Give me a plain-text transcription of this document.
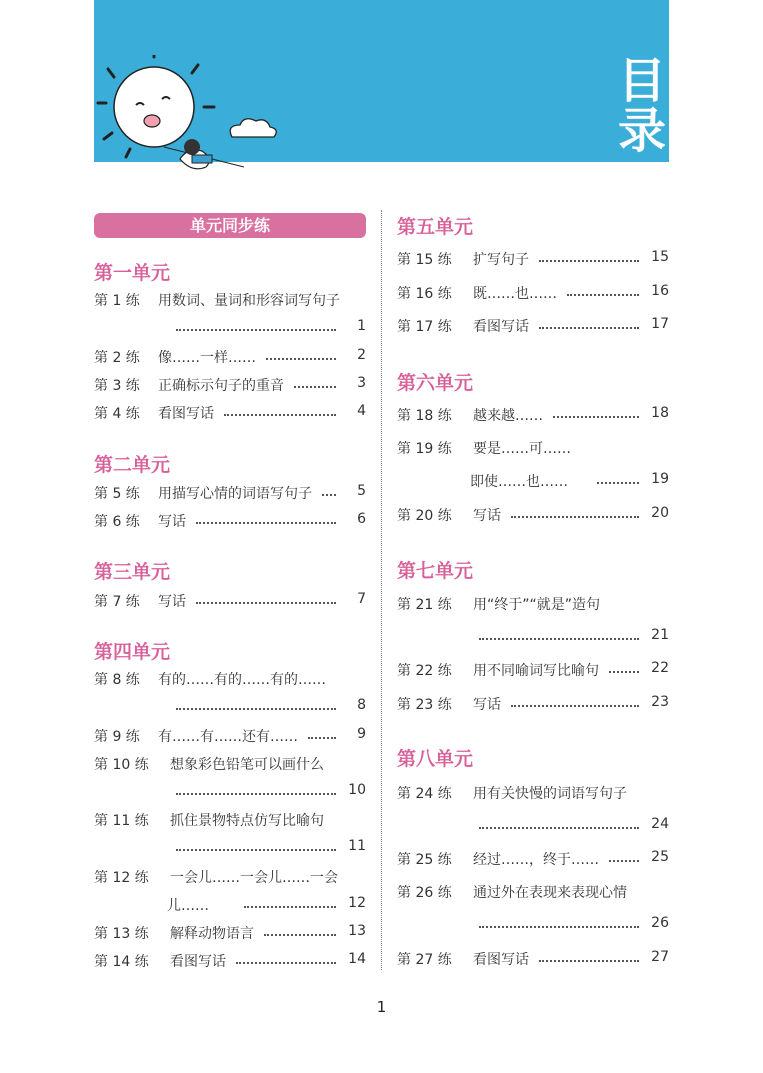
目
录
单元同步练
第一单元
第二单元
第三单元
第四单元
第五单元
第六单元
第七单元
第八单元
第 1 练 用数词、量词和形容词写句子
1
第 2 练 像……一样……	2
第 3 练 正确标示句子的重音	3
第 4 练 看图写话	4
第 5 练 用描写心情的词语写句子	5
第 6 练 写话	6
第 7 练 写话	7
第 8 练 有的……有的……有的……
8
第 9 练 有……有……还有……	9
第 10 练 想象彩色铅笔可以画什么
10
第 11 练 抓住景物特点仿写比喻句
11
第 12 练 一会儿……一会儿……一会
儿……	12
第 13 练 解释动物语言	13
第 14 练 看图写话	14
第 15 练 扩写句子	15
第 16 练 既……也……	16
第 17 练 看图写话	17
第 18 练 越来越……	18
第 19 练 要是……可……
即使……也……	19
第 20 练 写话	20
第 21 练 用“终于”“就是”造句
21
第 22 练 用不同喻词写比喻句	22
第 23 练 写话	23
第 24 练 用有关快慢的词语写句子
24
第 25 练 经过……，终于……	25
第 26 练 通过外在表现来表现心情
26
第 27 练 看图写话	27
1
